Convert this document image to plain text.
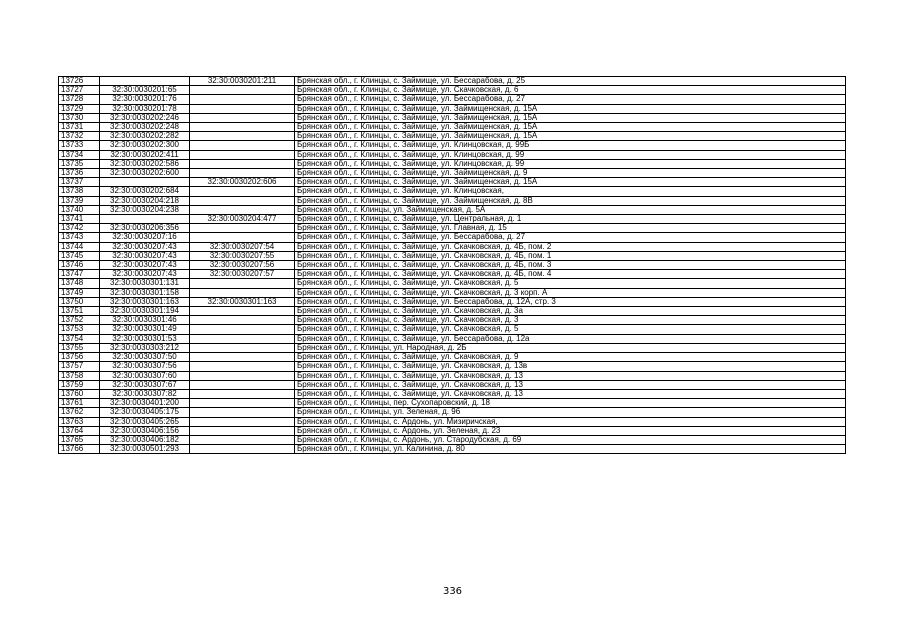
13726		32:30:0030201:211	Брянская обл., г. Клинцы, с. Займище, ул. Бессарабова, д. 25
13727	32:30:0030201:65		Брянская обл., г. Клинцы, с. Займище, ул. Скачковская, д. 6
13728	32:30:0030201:76		Брянская обл., г. Клинцы, с. Займище, ул. Бессарабова, д. 27
13729	32:30:0030201:78		Брянская обл., г. Клинцы, с. Займище, ул. Займищенская, д. 15А
13730	32:30:0030202:246		Брянская обл., г. Клинцы, с. Займище, ул. Займищенская, д. 15А
13731	32:30:0030202:248		Брянская обл., г. Клинцы, с. Займище, ул. Займищенская, д. 15А
13732	32:30:0030202:282		Брянская обл., г. Клинцы, с. Займище, ул. Займищенская, д. 15А
13733	32:30:0030202:300		Брянская обл., г. Клинцы, с. Займище, ул. Клинцовская, д. 99Б
13734	32:30:0030202:411		Брянская обл., г. Клинцы, с. Займище, ул. Клинцовская, д. 99
13735	32:30:0030202:586		Брянская обл., г. Клинцы, с. Займище, ул. Клинцовская, д. 99
13736	32:30:0030202:600		Брянская обл., г. Клинцы, с. Займище, ул. Займищенская, д. 9
13737		32:30:0030202:606	Брянская обл., г. Клинцы, с. Займище, ул. Займищенская, д. 15А
13738	32:30:0030202:684		Брянская обл., г. Клинцы, с. Займище, ул. Клинцовская,
13739	32:30:0030204:218		Брянская обл., г. Клинцы, с. Займище, ул. Займищенская, д. 8В
13740	32:30:0030204:238		Брянская обл., г. Клинцы, ул. Займищенская, д. 5А
13741		32:30:0030204:477	Брянская обл., г. Клинцы, с. Займище, ул. Центральная, д. 1
13742	32:30:0030206:356		Брянская обл., г. Клинцы, с. Займище, ул. Главная, д. 15
13743	32:30:0030207:16		Брянская обл., г. Клинцы, с. Займище, ул. Бессарабова, д. 27
13744	32:30:0030207:43	32:30:0030207:54	Брянская обл., г. Клинцы, с. Займище, ул. Скачковская, д. 4Б, пом. 2
13745	32:30:0030207:43	32:30:0030207:55	Брянская обл., г. Клинцы, с. Займище, ул. Скачковская, д. 4Б, пом. 1
13746	32:30:0030207:43	32:30:0030207:56	Брянская обл., г. Клинцы, с. Займище, ул. Скачковская, д. 4Б, пом. 3
13747	32:30:0030207:43	32:30:0030207:57	Брянская обл., г. Клинцы, с. Займище, ул. Скачковская, д. 4Б, пом. 4
13748	32:30:0030301:131		Брянская обл., г. Клинцы, с. Займище, ул. Скачковская, д. 5
13749	32:30:0030301:158		Брянская обл., г. Клинцы, с. Займище, ул. Скачковская, д. 3 корп. А
13750	32:30:0030301:163	32:30:0030301:163	Брянская обл., г. Клинцы, с. Займище, ул. Бессарабова, д. 12А, стр. 3
13751	32:30:0030301:194		Брянская обл., г. Клинцы, с. Займище, ул. Скачковская, д. 3а
13752	32:30:0030301:46		Брянская обл., г. Клинцы, с. Займище, ул. Скачковская, д. 3
13753	32:30:0030301:49		Брянская обл., г. Клинцы, с. Займище, ул. Скачковская, д. 5
13754	32:30:0030301:53		Брянская обл., г. Клинцы, с. Займище, ул. Бессарабова, д. 12а
13755	32:30:0030303:212		Брянская обл., г. Клинцы, ул. Народная, д. 2Б
13756	32:30:0030307:50		Брянская обл., г. Клинцы, с. Займище, ул. Скачковская, д. 9
13757	32:30:0030307:56		Брянская обл., г. Клинцы, с. Займище, ул. Скачковская, д. 13в
13758	32:30:0030307:60		Брянская обл., г. Клинцы, с. Займище, ул. Скачковская, д. 13
13759	32:30:0030307:67		Брянская обл., г. Клинцы, с. Займище, ул. Скачковская, д. 13
13760	32:30:0030307:82		Брянская обл., г. Клинцы, с. Займище, ул. Скачковская, д. 13
13761	32:30:0030401:200		Брянская обл., г. Клинцы, пер. Сухопаровский, д. 18
13762	32:30:0030405:175		Брянская обл., г. Клинцы, ул. Зеленая, д. 96
13763	32:30:0030405:265		Брянская обл., г. Клинцы, с. Ардонь, ул. Мизиричская,
13764	32:30:0030406:156		Брянская обл., г. Клинцы, с. Ардонь, ул. Зеленая, д. 23
13765	32:30:0030406:182		Брянская обл., г. Клинцы, с. Ардонь, ул. Стародубская, д. 69
13766	32:30:0030501:293		Брянская обл., г. Клинцы, ул. Калинина, д. 80
336
